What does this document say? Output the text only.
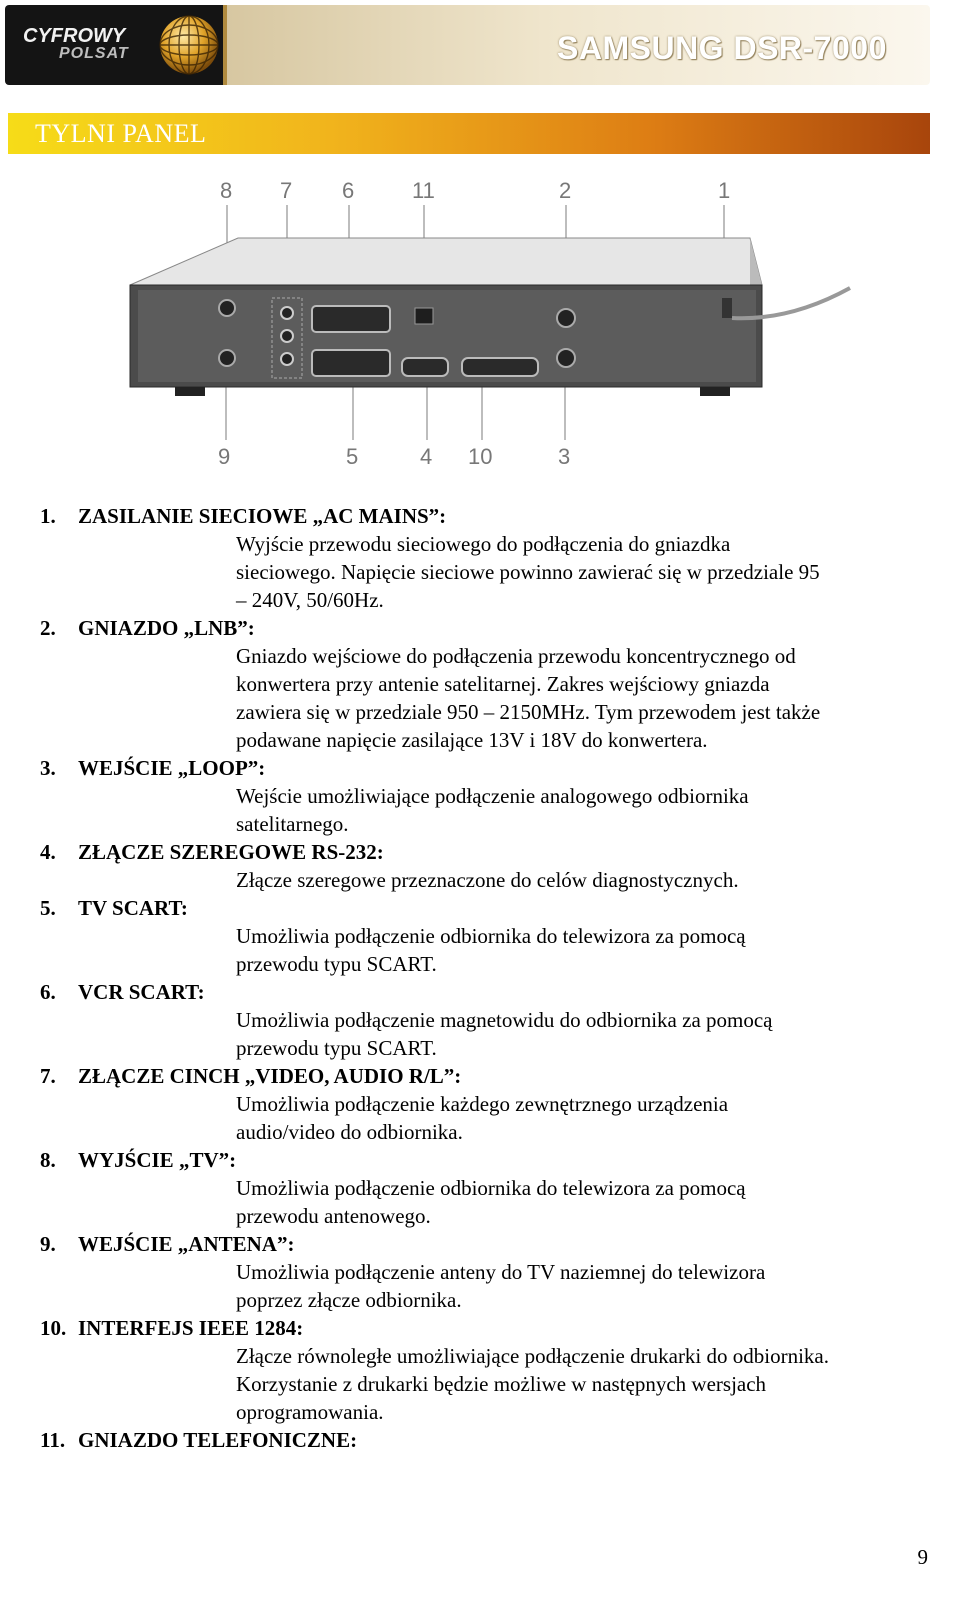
CYFROWY
POLSAT	SAMSUNG DSR-7000
TYLNI PANEL
8 7 6	11	2	1
9	5	4 10	3
1. ZASILANIE SIECIOWE „AC MAINS”:
Wyjście przewodu sieciowego do podłączenia do gniazdka
sieciowego. Napięcie sieciowe powinno zawierać się w przedziale 95
– 240V, 50/60Hz.
2. GNIAZDO „LNB”:
Gniazdo wejściowe do podłączenia przewodu koncentrycznego od
konwertera przy antenie satelitarnej. Zakres wejściowy gniazda
zawiera się w przedziale 950 – 2150MHz. Tym przewodem jest także
podawane napięcie zasilające 13V i 18V do konwertera.
3. WEJŚCIE „LOOP”:
Wejście umożliwiające podłączenie analogowego odbiornika
satelitarnego.
4. ZŁĄCZE SZEREGOWE RS-232:
Złącze szeregowe przeznaczone do celów diagnostycznych.
5. TV SCART:
Umożliwia podłączenie odbiornika do telewizora za pomocą
przewodu typu SCART.
6. VCR SCART:
Umożliwia podłączenie magnetowidu do odbiornika za pomocą
przewodu typu SCART.
7. ZŁĄCZE CINCH „VIDEO, AUDIO R/L”:
Umożliwia podłączenie każdego zewnętrznego urządzenia
audio/video do odbiornika.
8. WYJŚCIE „TV”:
Umożliwia podłączenie odbiornika do telewizora za pomocą
przewodu antenowego.
9. WEJŚCIE „ANTENA”:
Umożliwia podłączenie anteny do TV naziemnej do telewizora
poprzez złącze odbiornika.
10. INTERFEJS IEEE 1284:
Złącze równoległe umożliwiające podłączenie drukarki do odbiornika.
Korzystanie z drukarki będzie możliwe w następnych wersjach
oprogramowania.
11. GNIAZDO TELEFONICZNE:
9
